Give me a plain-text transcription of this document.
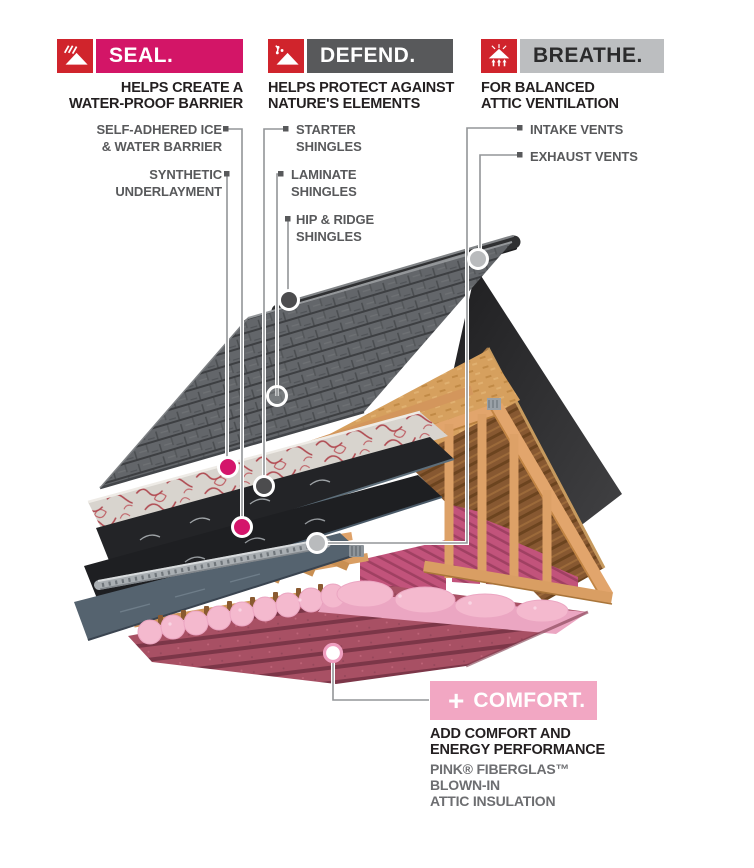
SEAL.
HELPS CREATE A
WATER-PROOF BARRIER
DEFEND.
HELPS PROTECT AGAINST
NATURE'S ELEMENTS
BREATHE.
FOR BALANCED
ATTIC VENTILATION
SELF-ADHERED ICE
& WATER BARRIER
SYNTHETIC
UNDERLAYMENT
STARTER
SHINGLES
LAMINATE
SHINGLES
HIP & RIDGE
SHINGLES
INTAKE VENTS
EXHAUST VENTS
+ COMFORT.
ADD COMFORT AND
ENERGY PERFORMANCE
PINK® FIBERGLAS™
BLOWN-IN
ATTIC INSULATION
